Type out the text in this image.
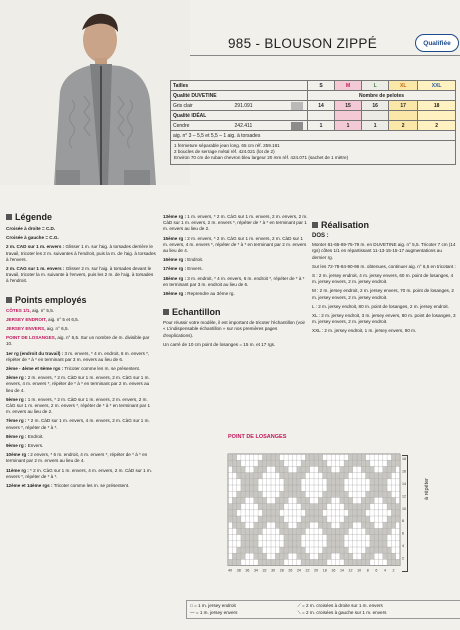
985 - BLOUSON ZIPPÉ	Qualifiée
Tailles			S	M	L	XL	XXL
Qualité DUVETINE			Nombre de pelotes				
Gris clair	291.091		14	15	16	17	18
Qualité IDÉAL							
Cendre	242.411		1	1	1	2	2
aig. n° 3 – 5,5 et 5,5 – 1 aig. à torsades							

1 fermeture séparable jean long. 65 cm réf. 259.181

2 boucles de serrage métal réf. 424.021 (lot de 2)

Environ 70 cm de ruban chevron bleu largeur 20 mm réf. 424.071 (sachet de 1 mètre)

Légende

Croisée à droite = C.D.

Croisée à gauche = C.G.

2 m. CAD sur 1 m. envers : Glisser 1 m. sur l'aig. à torsades derrière le travail, tricoter les 2 m. suivantes à l'endroit, puis la m. de l'aig. à torsades à l'envers.

2 m. CAG sur 1 m. envers : Glisser 2 m. sur l'aig. à torsades devant le travail, tricoter la m. suivante à l'envers, puis les 2 m. de l'aig. à torsades à l'endroit.

Points employés

CÔTES 1/1, aig. n° 5,5.

JERSEY ENDROIT, aig. n° 5 et 6,5.

JERSEY ENVERS, aig. n° 6,5.

POINT DE LOSANGES, aig. n° 6,5. Sur un nombre de m. divisible par 10.

1er rg (endroit du travail) : 3 m. envers, * 4 m. endroit, 6 m. envers *, répéter de * à * en terminant par 3 m. envers au lieu de 6.

2ème - 4ème et 6ème rgs : Tricoter comme les m. se présentent.

3ème rg : 2 m. envers, * 2 m. CàD sur 1 m. envers, 2 m. CàG sur 1 m. envers, 4 m. envers *, répéter de * à * en terminant par 2 m. envers au lieu de 4.

5ème rg : 1 m. envers, * 2 m. CàD sur 1 m. envers, 2 m. envers, 2 m. CàG sur 1 m. envers, 2 m. envers *, répéter de * à * en terminant par 1 m. envers au lieu de 2.

7ème rg : * 2 m. CàD sur 1 m. envers, 4 m. envers, 2 m. CàG sur 1 m. envers *, répéter de * à *.

8ème rg : Endroit.

9ème rg : Envers.

10ème rg : 2 envers, * 6 m. endroit, 4 m. envers *, répéter de * à * en terminant par 2 m. envers au lieu de 4.

11ème rg : * 2 m. CàG sur 1 m. envers, 4 m. envers, 2 m. CàD sur 1 m. envers *, répéter de * à *.

12ème et 14ème rgs : Tricoter comme les m. se présentent.

13ème rg : 1 m. envers, * 2 m. CàG sur 1 m. envers, 2 m. envers, 2 m. CàD sur 1 m. envers, 2 m. envers *, répéter de * à * en terminant par 1 m. envers au lieu de 2.

15ème rg : 2 m. envers, * 2 m. CàG sur 1 m. envers, 2 m. CàD sur 1 m. envers, 4 m. envers *, répéter de * à * en terminant par 2 m. envers au lieu de 4.

16ème rg : Endroit.

17ème rg : Envers.

18ème rg : 3 m. endroit, * 4 m. envers, 6 m. endroit *, répéter de * à * en terminant par 3 m. endroit au lieu de 6.

19ème rg : Reprendre au 3ème rg.

Echantillon

Pour réussir votre modèle, il est important de tricoter l'échantillon (voir « L'indispensable échantillon » sur nos premières pages d'explications).

Un carré de 10 cm point de losanges = 15 m. et 17 rgs.

Réalisation

DOS :

Monter 61-65-69-75-79 m. en DUVETINE aig. n° 5,5. Tricoter 7 cm (14 rgs) côtes 1/1 en répartissant 11-13-15-15-17 augmentations au dernier rg.

Sur les 72-78-84-90-96 m. obtenues, continuer aig. n° 6,5 en tricotant :

S : 2 m. jersey endroit, 4 m. jersey envers, 60 m. point de losanges, 4 m. jersey envers, 2 m. jersey endroit.

M : 2 m. jersey endroit, 2 m. jersey envers, 70 m. point de losanges, 2 m. jersey envers, 2 m. jersey endroit.

L : 2 m. jersey endroit, 80 m. point de losanges, 2 m. jersey endroit.

XL : 2 m. jersey endroit, 3 m. jersey envers, 80 m. point de losanges, 3 m. jersey envers, 2 m. jersey endroit.

XXL : 2 m. jersey endroit, 1 m. jersey envers, 90 m.

POINT DE LOSANGES
40 38 36 34 32 30 28 26 24 22 20 18 16 14 12 10 8 6 4 2
18
16
14
12
10
8
6
4
2
à répéter
□ = 1 m. jersey endroit	⟋ = 2 m. croisées à droite sur 1 m. envers
— = 1 m. jersey envers	⟍ = 2 m. croisées à gauche sur 1 m. envers
